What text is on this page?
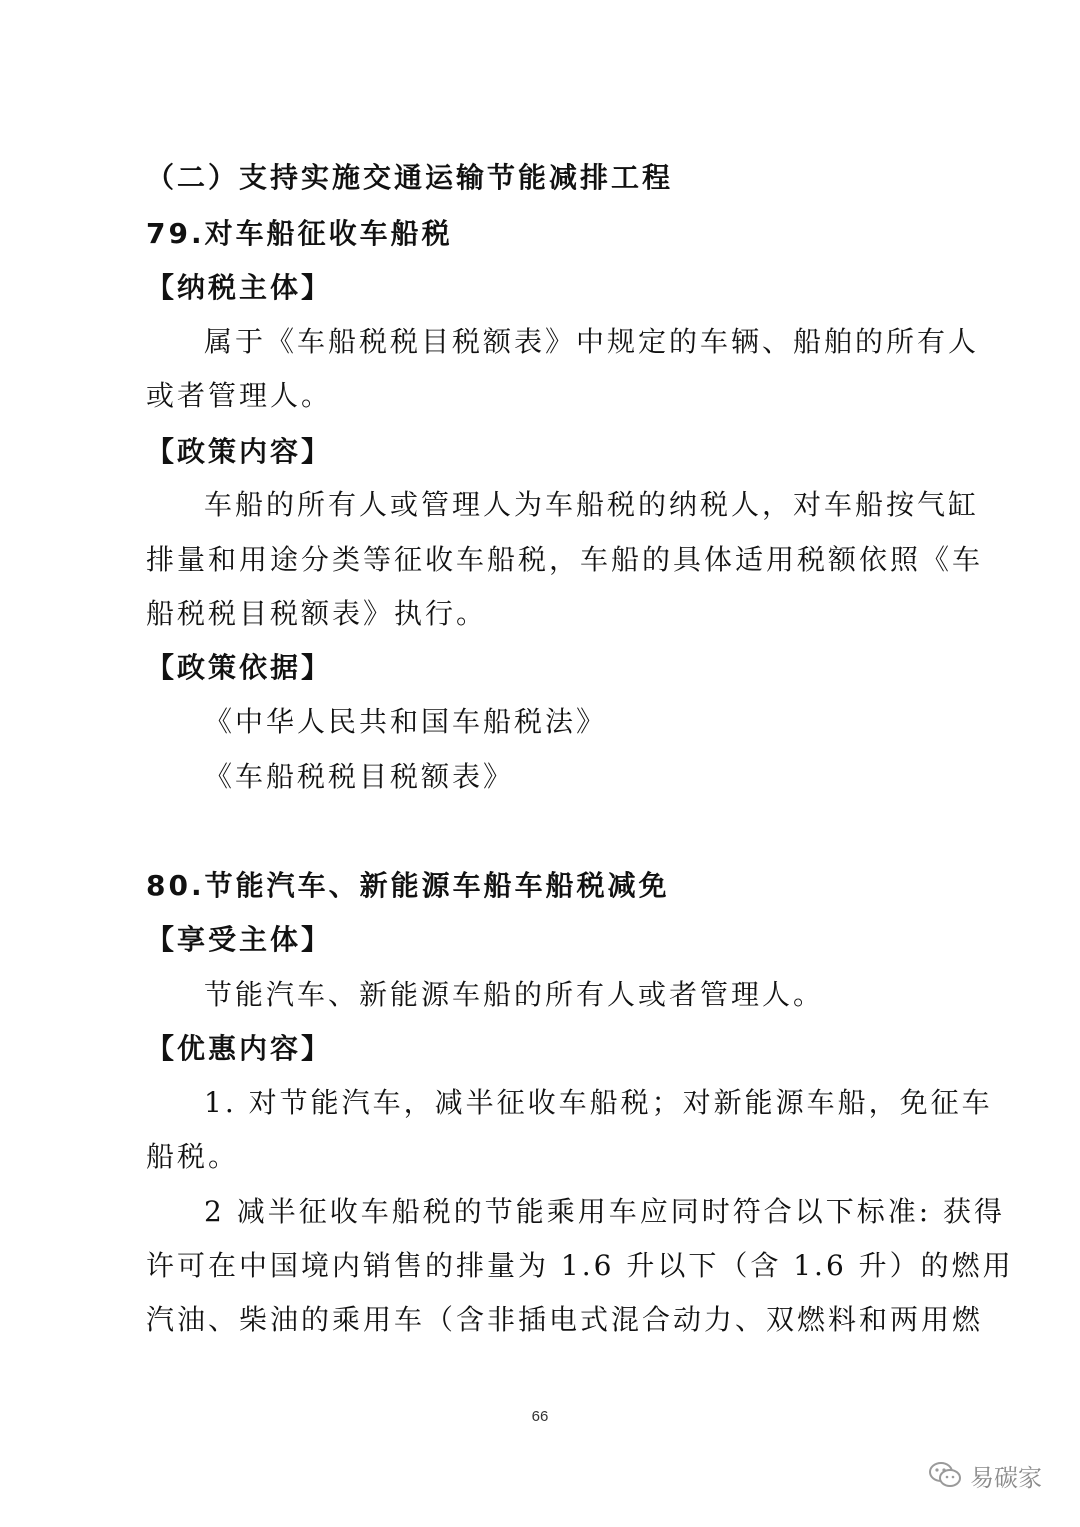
（二）支持实施交通运输节能减排工程
79.对车船征收车船税
【纳税主体】
属于《车船税税目税额表》中规定的车辆、船舶的所有人
或者管理人。
【政策内容】
车船的所有人或管理人为车船税的纳税人，对车船按气缸
排量和用途分类等征收车船税，车船的具体适用税额依照《车
船税税目税额表》执行。
【政策依据】
《中华人民共和国车船税法》
《车船税税目税额表》
80.节能汽车、新能源车船车船税减免
【享受主体】
节能汽车、新能源车船的所有人或者管理人。
【优惠内容】
1. 对节能汽车，减半征收车船税；对新能源车船，免征车
船税。
2 减半征收车船税的节能乘用车应同时符合以下标准: 获得
许可在中国境内销售的排量为 1.6 升以下（含 1.6 升）的燃用
汽油、柴油的乘用车（含非插电式混合动力、双燃料和两用燃
66
易碳家
